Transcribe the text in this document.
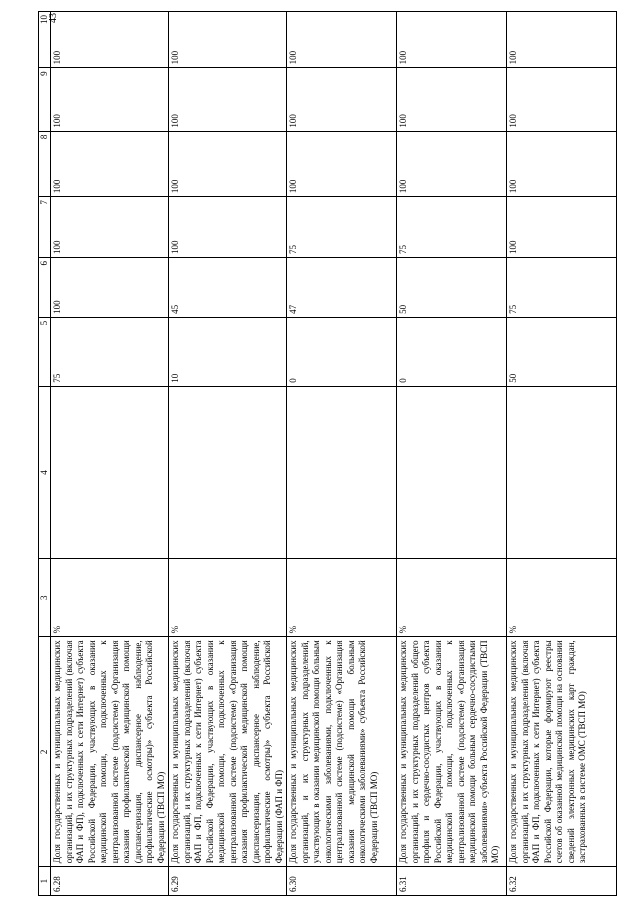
43
1	2	3	4	5	6	7	8	9	10
6.28	Доля государственных и муниципальных медицинских организаций, и их структурных подразделений (включая ФАП и ФП), подключенных к сети Интернет) субъекта Российской Федерации, участвующих в оказании медицинской помощи, подключенных к централизованной системе (подсистеме) «Организация оказания профилактической медицинской помощи (диспансеризация, диспансерное наблюдение, профилактические осмотры)» субъекта Российской Федерации (ТВСП МО)	%		75	100	100	100	100	100
6.29	Доля государственных и муниципальных медицинских организаций, и их структурных подразделений (включая ФАП и ФП, подключенных к сети Интернет) субъекта Российской Федерации, участвующих в оказании медицинской помощи, подключенных к централизованной системе (подсистеме) «Организация оказания профилактической медицинской помощи (диспансеризация, диспансерное наблюдение, профилактические осмотры)» субъекта Российской Федерации (ФАП и ФП)	%		10	45	100	100	100	100
6.30	Доля государственных и муниципальных медицинских организаций, и их структурных подразделений, участвующих в оказании медицинской помощи больным онкологическими заболеваниями, подключенных к централизованной системе (подсистеме) «Организация оказания медицинской помощи больным онкологическими заболеваниями» субъекта Российской Федерации (ТВСП МО)	%		0	47	75	100	100	100
6.31	Доля государственных и муниципальных медицинских организаций, и их структурных подразделений общего профиля и сердечно-сосудистых центров субъекта Российской Федерации, участвующих в оказании медицинской помощи, подключенных к централизованной системе (подсистеме) «Организация медицинской помощи больным сердечно-сосудистыми заболеваниями» субъекта Российской Федерации (ТВСП МО)	%		0	50	75	100	100	100
6.32	Доля государственных и муниципальных медицинских организаций, и их структурных подразделений (включая ФАП и ФП, подключенных к сети Интернет) субъекта Российской Федерации, которые формируют реестры счетов об оказанной медицинской помощи на основании сведений электронных медицинских карт граждан, застрахованных в системе ОМС (ТВСП МО)	%		50	75	100	100	100	100
